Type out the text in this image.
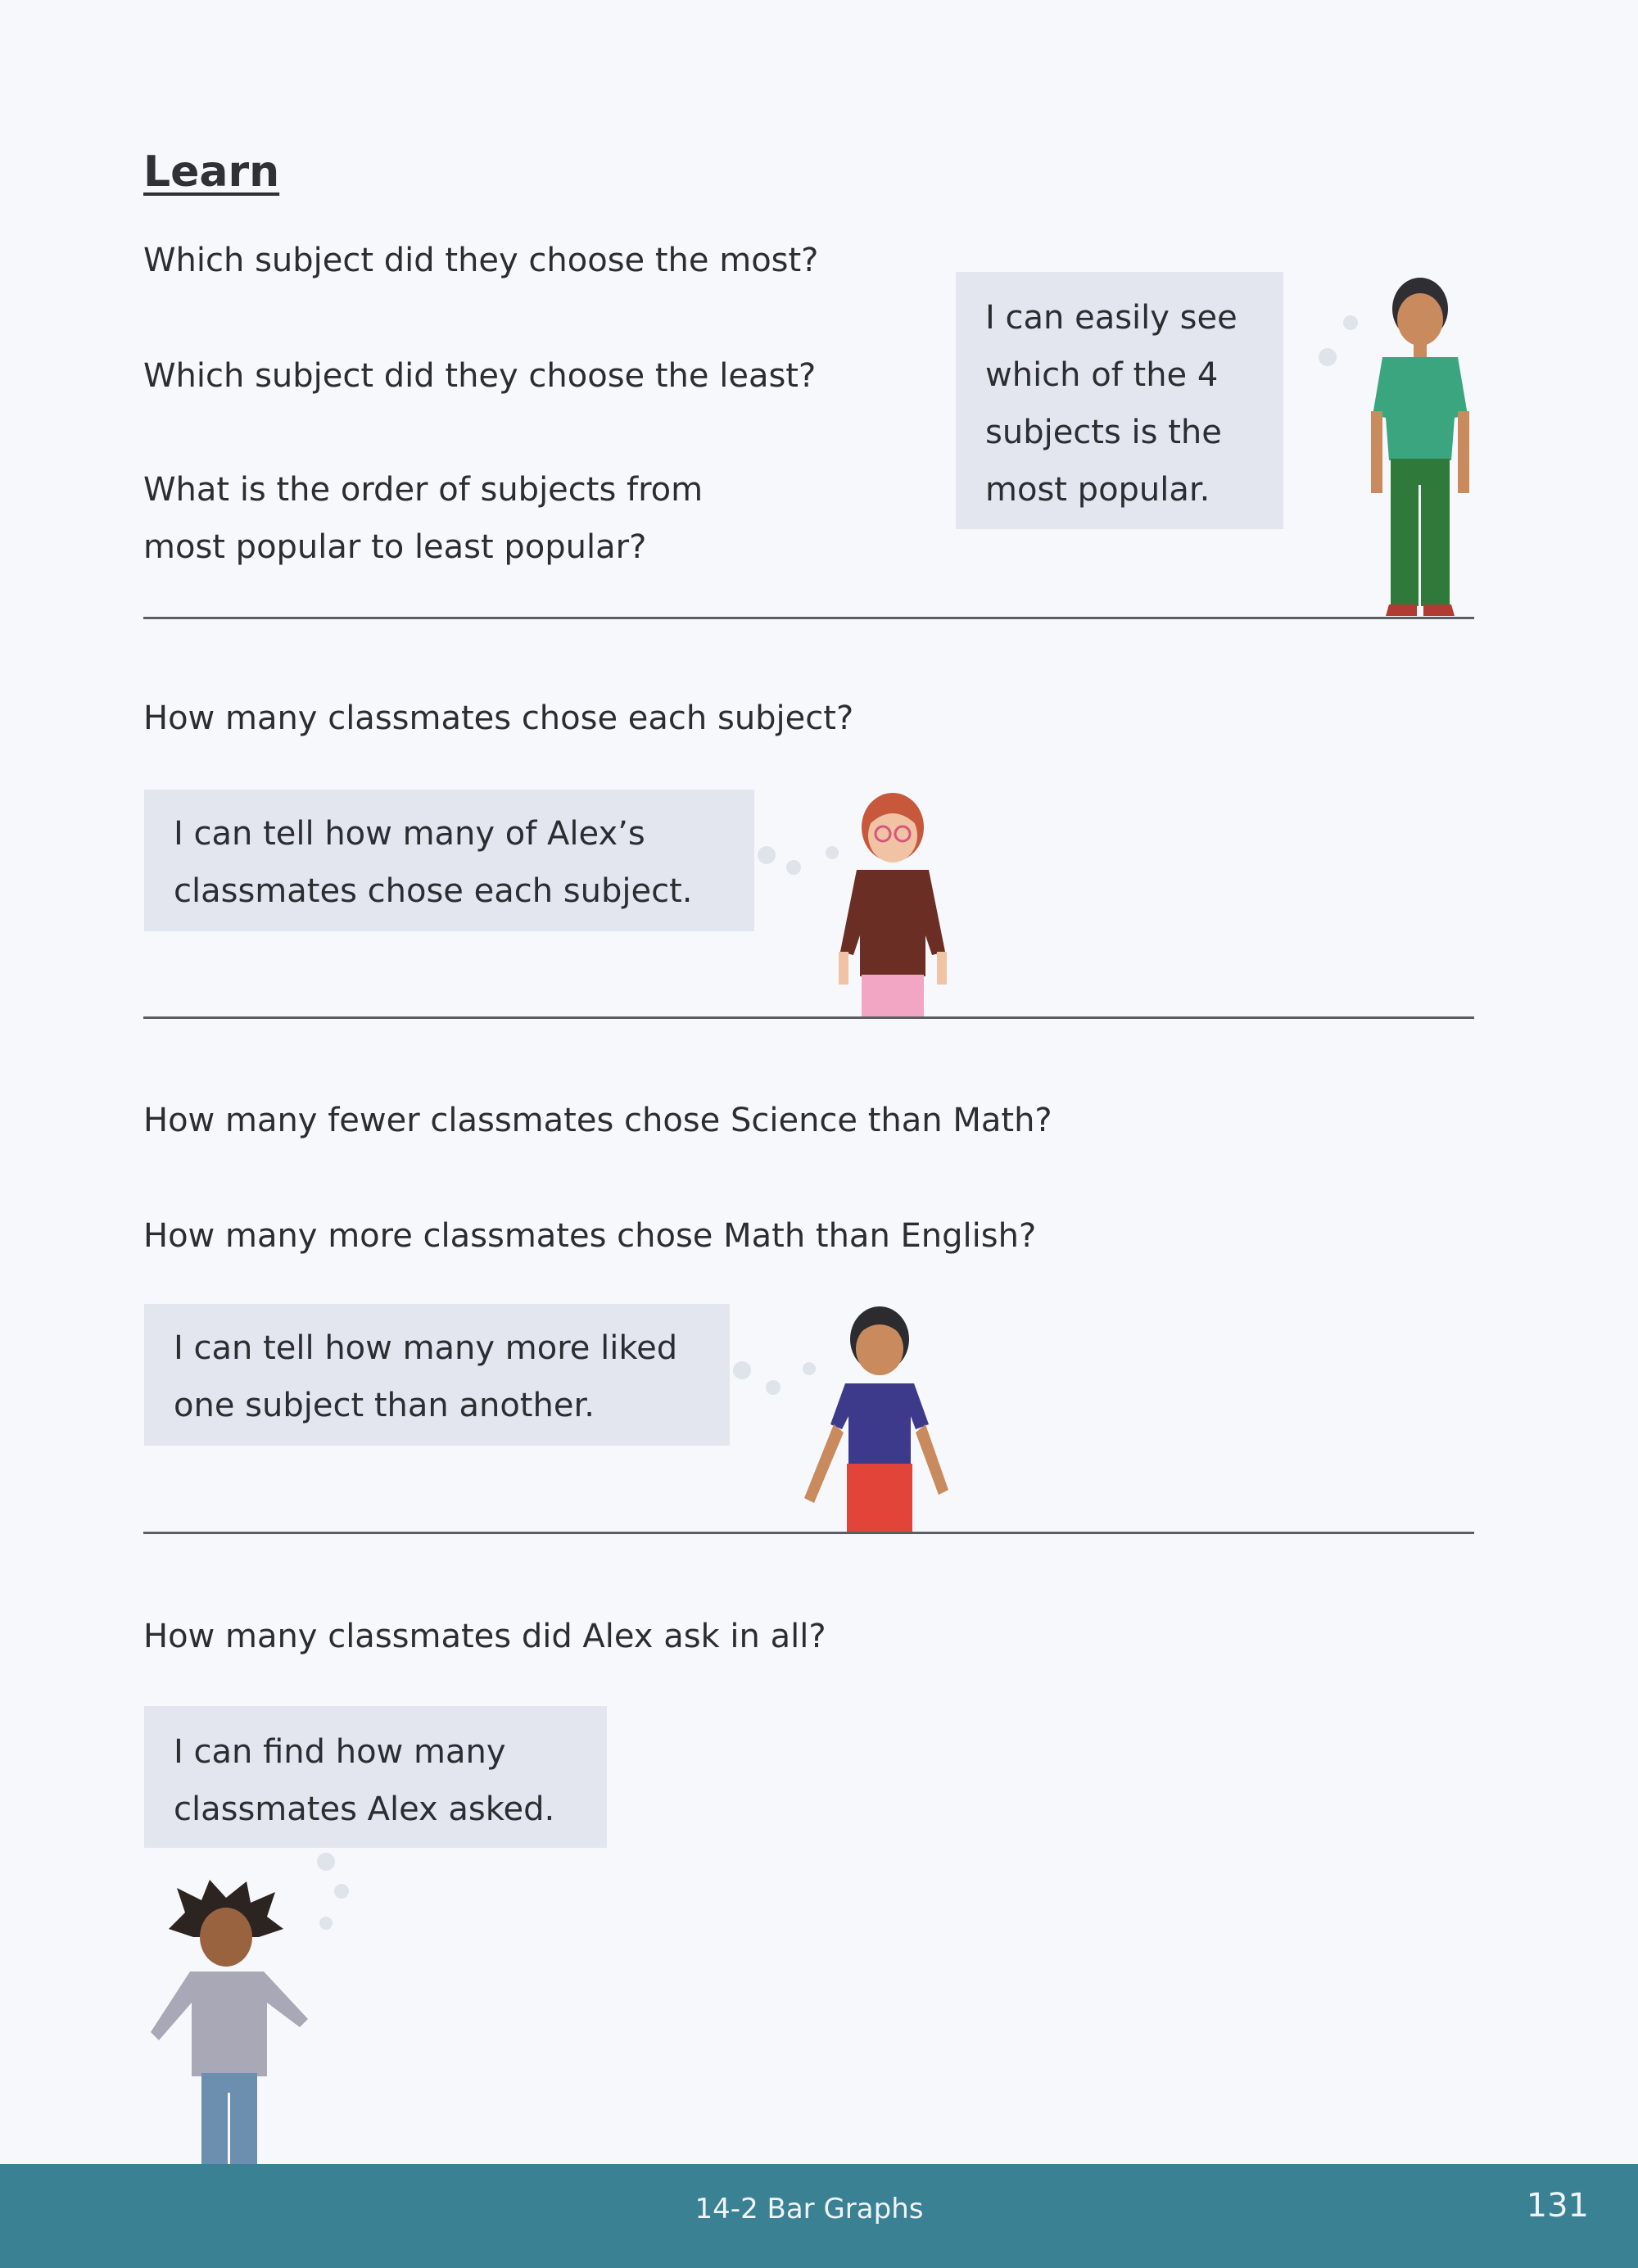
Learn
Which subject did they choose the most?
Which subject did they choose the least?
What is the order of subjects from
most popular to least popular?
I can easily see
which of the 4
subjects is the
most popular.
How many classmates chose each subject?
I can tell how many of Alex’s
classmates chose each subject.
How many fewer classmates chose Science than Math?
How many more classmates chose Math than English?
I can tell how many more liked
one subject than another.
How many classmates did Alex ask in all?
I can find how many
classmates Alex asked.
14-2 Bar Graphs	131
